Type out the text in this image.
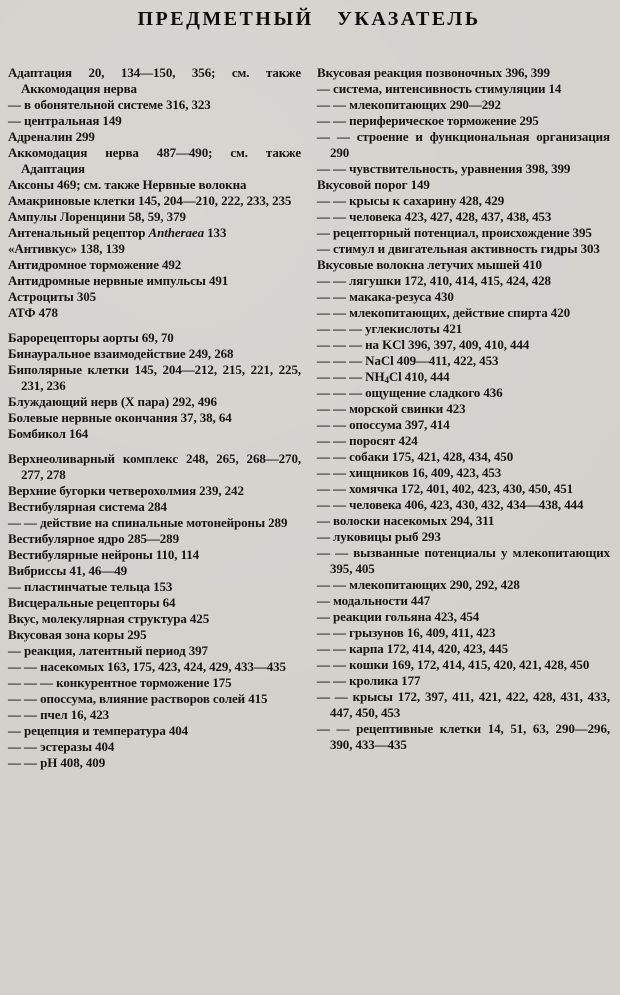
ПРЕДМЕТНЫЙ УКАЗАТЕЛЬ

Адаптация 20, 134—150, 356; см. также Аккомодация нерва

— в обонятельной системе 316, 323

— центральная 149

Адреналин 299

Аккомодация нерва 487—490; см. также Адаптация

Аксоны 469; см. также Нервные волокна

Амакриновые клетки 145, 204—210, 222, 233, 235

Ампулы Лоренцини 58, 59, 379

Антенальный рецептор Antheraea 133

«Антивкус» 138, 139

Антидромное торможение 492

Антидромные нервные импульсы 491

Астроциты 305

АТФ 478

Барорецепторы аорты 69, 70

Бинауральное взаимодействие 249, 268

Биполярные клетки 145, 204—212, 215, 221, 225, 231, 236

Блуждающий нерв (X пара) 292, 496

Болевые нервные окончания 37, 38, 64

Бомбикол 164

Верхнеоливарный комплекс 248, 265, 268—270, 277, 278

Верхние бугорки четверохолмия 239, 242

Вестибулярная система 284

— — действие на спинальные мотонейроны 289

Вестибулярное ядро 285—289

Вестибулярные нейроны 110, 114

Вибриссы 41, 46—49

— пластинчатые тельца 153

Висцеральные рецепторы 64

Вкус, молекулярная структура 425

Вкусовая зона коры 295

— реакция, латентный период 397

— — насекомых 163, 175, 423, 424, 429, 433—435

— — — конкурентное торможение 175

— — опоссума, влияние растворов солей 415

— — пчел 16, 423

— рецепция и температура 404

— — эстеразы 404

— — pH 408, 409

Вкусовая реакция позвоночных 396, 399

— система, интенсивность стимуляции 14

— — млекопитающих 290—292

— — периферическое торможение 295

— — строение и функциональная организация 290

— — чувствительность, уравнения 398, 399

Вкусовой порог 149

— — крысы к сахарину 428, 429

— — человека 423, 427, 428, 437, 438, 453

— рецепторный потенциал, происхождение 395

— стимул и двигательная активность гидры 303

Вкусовые волокна летучих мышей 410

— — лягушки 172, 410, 414, 415, 424, 428

— — макака-резуса 430

— — млекопитающих, действие спирта 420

— — — углекислоты 421

— — — на KCl 396, 397, 409, 410, 444

— — — NaCl 409—411, 422, 453

— — — $NH_4Cl$ 410, 444

— — — ощущение сладкого 436

— — морской свинки 423

— — опоссума 397, 414

— — поросят 424

— — собаки 175, 421, 428, 434, 450

— — хищников 16, 409, 423, 453

— — хомячка 172, 401, 402, 423, 430, 450, 451

— — человека 406, 423, 430, 432, 434—438, 444

— волоски насекомых 294, 311

— луковицы рыб 293

— — вызванные потенциалы у млекопитающих 395, 405

— — млекопитающих 290, 292, 428

— модальности 447

— реакции гольяна 423, 454

— — грызунов 16, 409, 411, 423

— — карпа 172, 414, 420, 423, 445

— — кошки 169, 172, 414, 415, 420, 421, 428, 450

— — кролика 177

— — крысы 172, 397, 411, 421, 422, 428, 431, 433, 447, 450, 453

— — рецептивные клетки 14, 51, 63, 290—296, 390, 433—435
